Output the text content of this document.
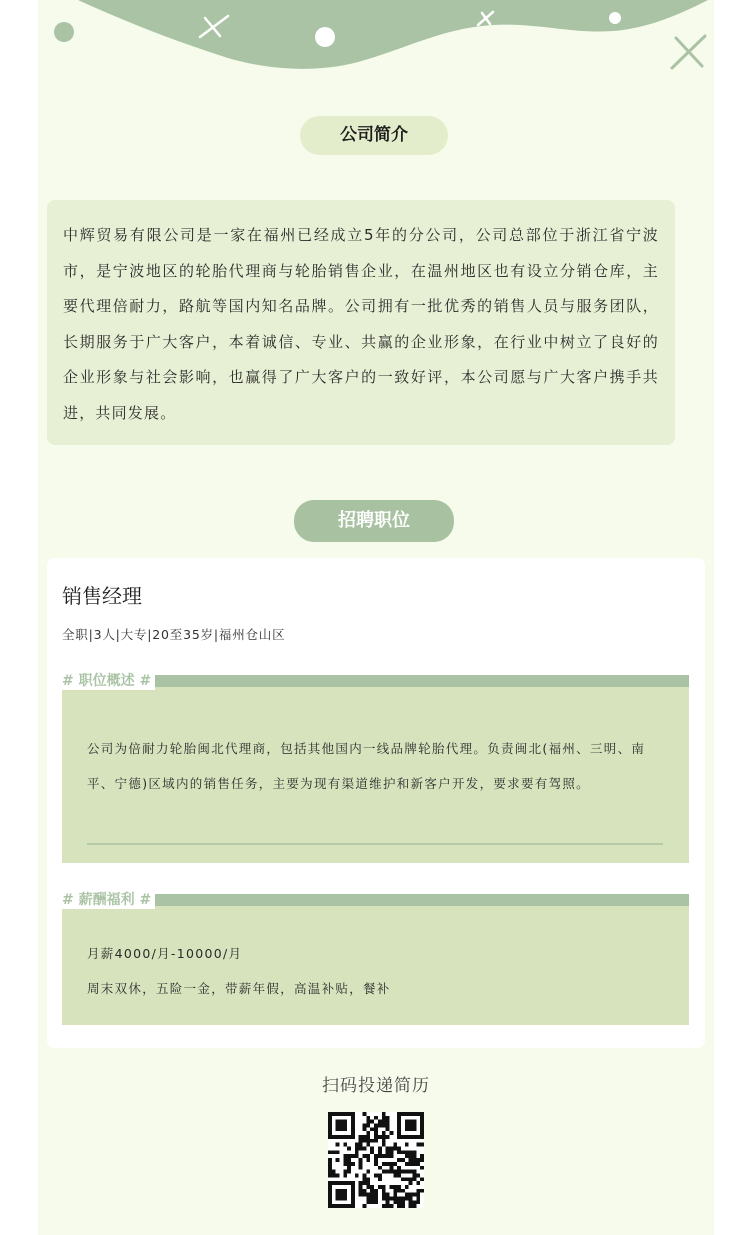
公司简介
中辉贸易有限公司是一家在福州已经成立5年的分公司，公司总部位于浙江省宁波市，是宁波地区的轮胎代理商与轮胎销售企业，在温州地区也有设立分销仓库，主要代理倍耐力，路航等国内知名品牌。公司拥有一批优秀的销售人员与服务团队，长期服务于广大客户，本着诚信、专业、共赢的企业形象，在行业中树立了良好的企业形象与社会影响，也赢得了广大客户的一致好评，本公司愿与广大客户携手共进，共同发展。
招聘职位
销售经理
全职|3人|大专|20至35岁|福州仓山区
公司为倍耐力轮胎闽北代理商，包括其他国内一线品牌轮胎代理。负责闽北(福州、三明、南平、宁德)区域内的销售任务，主要为现有渠道维护和新客户开发，要求要有驾照。
# 职位概述 #
月薪4000/月-10000/月
周末双休，五险一金，带薪年假，高温补贴，餐补
# 薪酬福利 #
扫码投递简历
